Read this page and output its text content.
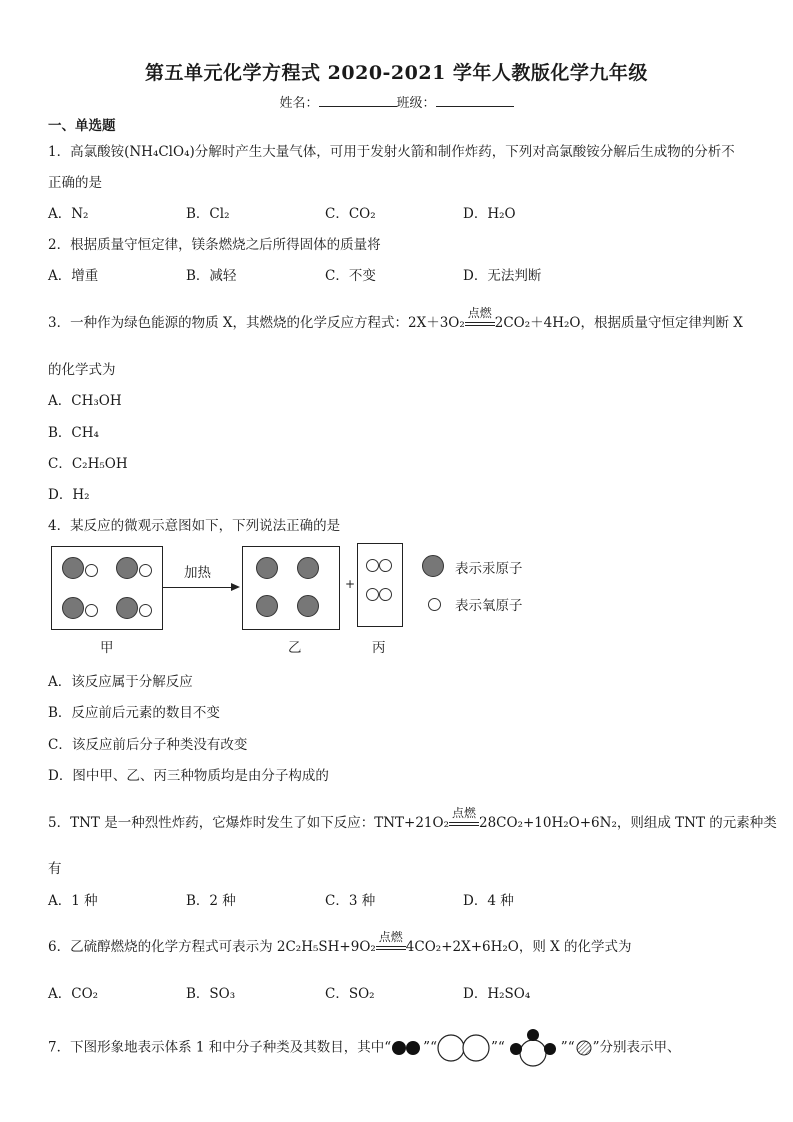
第五单元化学方程式 2020-2021 学年人教版化学九年级
姓名：	班级：
一、单选题
1．高氯酸铵(NH₄ClO₄)分解时产生大量气体，可用于发射火箭和制作炸药，下列对高氯酸铵分解后生成物的分析不
正确的是
A．N₂	B．Cl₂	C．CO₂	D．H₂O
2．根据质量守恒定律，镁条燃烧之后所得固体的质量将
A．增重	B．减轻	C．不变	D．无法判断
3．一种作为绿色能源的物质 X，其燃烧的化学反应方程式：2X＋3O₂
点燃
2CO₂＋4H₂O，根据质量守恒定律判断 X
的化学式为
A．CH₃OH
B．CH₄
C．C₂H₅OH
D．H₂
4．某反应的微观示意图如下，下列说法正确的是
加热
+
表示汞原子
表示氧原子
甲	乙	丙
A．该反应属于分解反应
B．反应前后元素的数目不变
C．该反应前后分子种类没有改变
D．图中甲、乙、丙三种物质均是由分子构成的
5．TNT 是一种烈性炸药，它爆炸时发生了如下反应：TNT+21O₂
点燃
28CO₂+10H₂O+6N₂，则组成 TNT 的元素种类
有
A．1 种	B．2 种	C．3 种	D．4 种
6．乙硫醇燃烧的化学方程式可表示为 2C₂H₅SH+9O₂
点燃
4CO₂+2X+6H₂O，则 X 的化学式为
A．CO₂	B．SO₃	C．SO₂	D．H₂SO₄
7．下图形象地表示体系 1 和中分子种类及其数目，其中“ ”“	”“	”“ ”分别表示甲、
